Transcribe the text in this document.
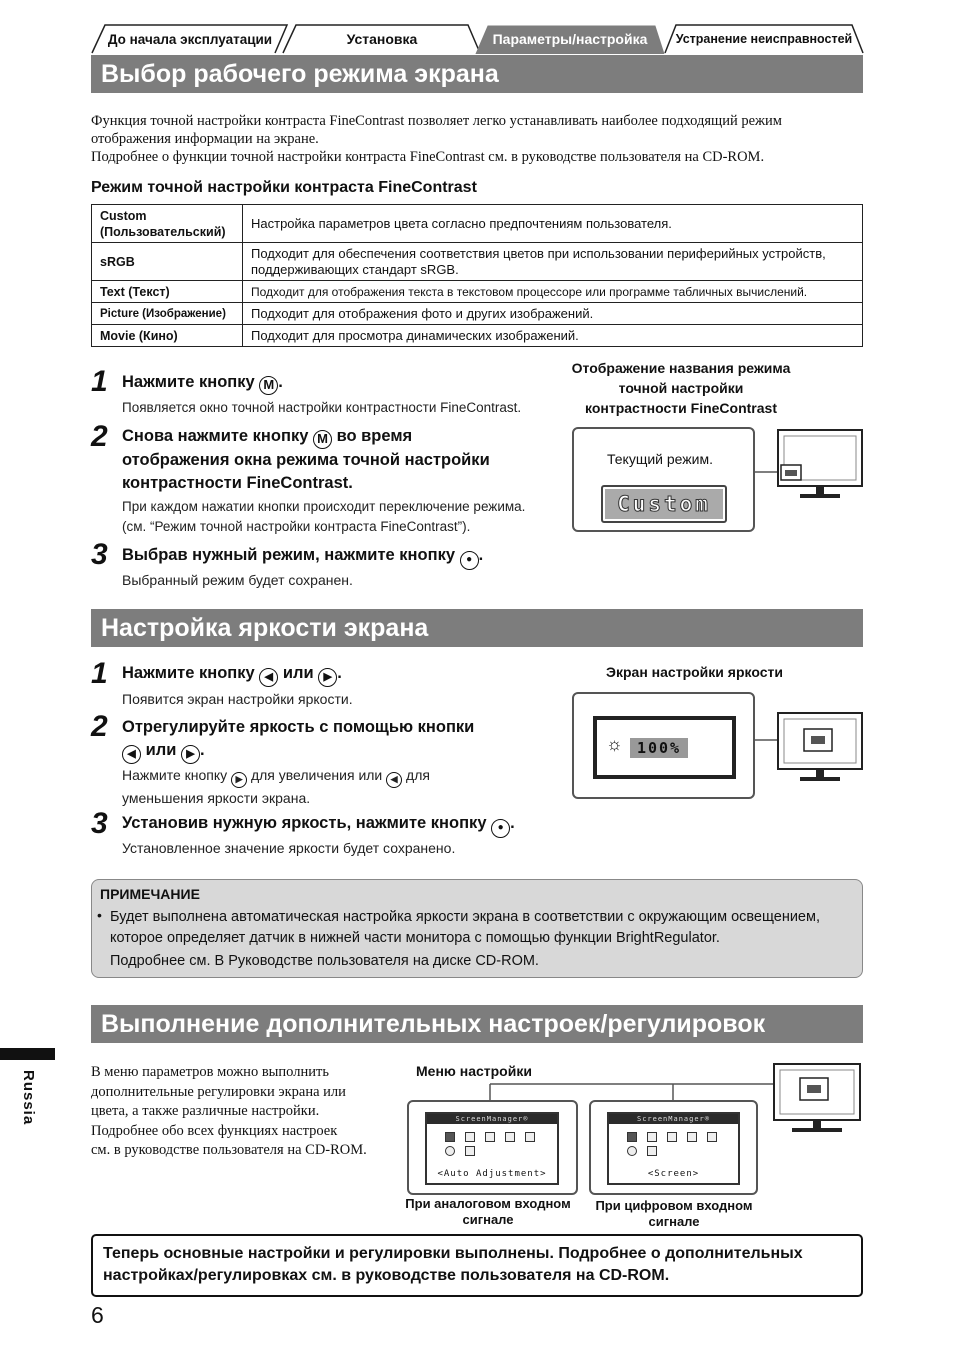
До начала эксплуатации	Установка	Параметры/настройка Устранение неисправностей
Выбор рабочего режима экрана
Функция точной настройки контраста FineContrast позволяет легко устанавливать наиболее подходящий режим отображения информации на экране.
Подробнее о функции точной настройки контраста FineContrast см. в руководстве пользователя на CD-ROM.
Режим точной настройки контраста FineContrast
Custom (Пользовательский)	Настройка параметров цвета согласно предпочтениям пользователя.
sRGB	Подходит для обеспечения соответствия цветов при использовании периферийных устройств, поддерживающих стандарт sRGB.
Text (Текст)	Подходит для отображения текста в текстовом процессоре или программе табличных вычислений.
Picture (Изображение)	Подходит для отображения фото и других изображений.
Movie (Кино)	Подходит для просмотра динамических изображений.
1 Нажмите кнопку M .
Появляется окно точной настройки контрастности FineContrast.
2 Снова нажмите кнопку M во время
отображения окна режима точной настройки
контрастности FineContrast.
При каждом нажатии кнопки происходит переключение режима.
(см. “Режим точной настройки контраста FineContrast”).
3 Выбрав нужный режим, нажмите кнопку ● .
Выбранный режим будет сохранен.
Отображение названия режима
точной настройки
контрастности FineContrast
Текущий режим.
Custom
Настройка яркости экрана
1 Нажмите кнопку ◀ или ▶ .
Появится экран настройки яркости.
2 Отрегулируйте яркость с помощью кнопки
◀ или ▶ .
Нажмите кнопку ▶ для увеличения или ◀ для
уменьшения яркости экрана.
3 Установив нужную яркость, нажмите кнопку ● .
Установленное значение яркости будет сохранено.
Экран настройки яркости
☼ 100%
ПРИМЕЧАНИЕ
• Будет выполнена автоматическая настройка яркости экрана в соответствии с окружающим освещением,
которое определяет датчик в нижней части монитора с помощью функции BrightRegulator.
Подробнее см. В Руководстве пользователя на диске CD-ROM.
Выполнение дополнительных настроек/регулировок
Russia	В меню параметров можно выполнить
дополнительные регулировки экрана или
цвета, а также различные настройки.
Подробнее обо всех функциях настроек
см. в руководстве пользователя на CD-ROM.
Меню настройки
ScreenManager®
<Auto Adjustment>
ScreenManager®
<Screen>
При аналоговом входном
сигнале
При цифровом входном
сигнале
Теперь основные настройки и регулировки выполнены. Подробнее о дополнительных настройках/регулировках см. в руководстве пользователя на CD-ROM.
6
